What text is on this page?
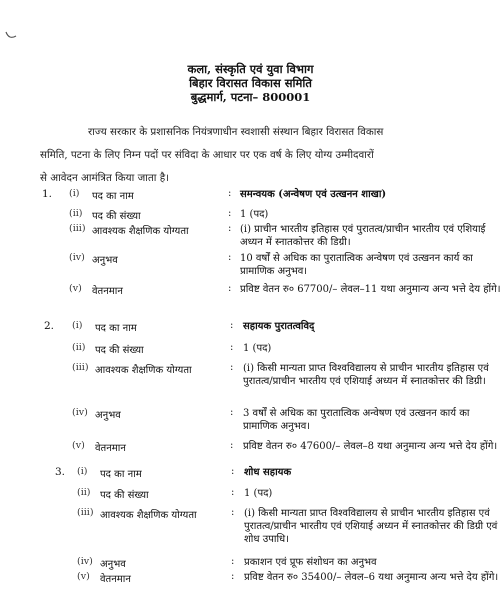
कला, संस्कृति एवं युवा विभाग
बिहार विरासत विकास समिति
बुद्धमार्ग, पटना– 800001
राज्य सरकार के प्रशासनिक नियंत्रणाधीन स्वशासी संस्थान बिहार विरासत विकास
समिति, पटना के लिए निम्न पदों पर संविदा के आधार पर एक वर्ष के लिए योग्य उम्मीदवारों
से आवेदन आमंत्रित किया जाता है।
1. (i) पद का नाम	: समन्वयक (अन्वेषण एवं उत्खनन शाखा)
(ii) पद की संख्या	: 1 (पद)
(iii) आवश्यक शैक्षणिक योग्यता	: (i) प्राचीन भारतीय इतिहास एवं पुरातत्व/प्राचीन भारतीय एवं एशियाई अध्यन में स्नातकोत्तर की डिग्री।
(iv) अनुभव	: 10 वर्षों से अधिक का पुरातात्विक अन्वेषण एवं उत्खनन कार्य का प्रामाणिक अनुभव।
(v) वेतनमान	: प्रविष्ट वेतन रु० 67700/– लेवल–11 यथा अनुमान्य अन्य भत्ते देय होंगे।
2. (i) पद का नाम	: सहायक पुरातत्वविद्
(ii) पद की संख्या	: 1 (पद)
(iii) आवश्यक शैक्षणिक योग्यता	: (i) किसी मान्यता प्राप्त विश्वविद्यालय से प्राचीन भारतीय इतिहास एवं पुरातत्व/प्राचीन भारतीय एवं एशियाई अध्यन में स्नातकोत्तर की डिग्री।
(iv) अनुभव	: 3 वर्षों से अधिक का पुरातात्विक अन्वेषण एवं उत्खनन कार्य का प्रामाणिक अनुभव।
(v) वेतनमान	: प्रविष्ट वेतन रु० 47600/– लेवल–8 यथा अनुमान्य अन्य भत्ते देय होंगे।
3. (i) पद का नाम	: शोध सहायक
(ii) पद की संख्या	: 1 (पद)
(iii) आवश्यक शैक्षणिक योग्यता	: (i) किसी मान्यता प्राप्त विश्वविद्यालय से प्राचीन भारतीय इतिहास एवं पुरातत्व/प्राचीन भारतीय एवं एशियाई अध्यन में स्नातकोत्तर की डिग्री एवं शोध उपाधि।
(iv) अनुभव	: प्रकाशन एवं प्रूफ संशोधन का अनुभव
(v) वेतनमान	: प्रविष्ट वेतन रु० 35400/– लेवल–6 यथा अनुमान्य अन्य भत्ते देय होंगे।
